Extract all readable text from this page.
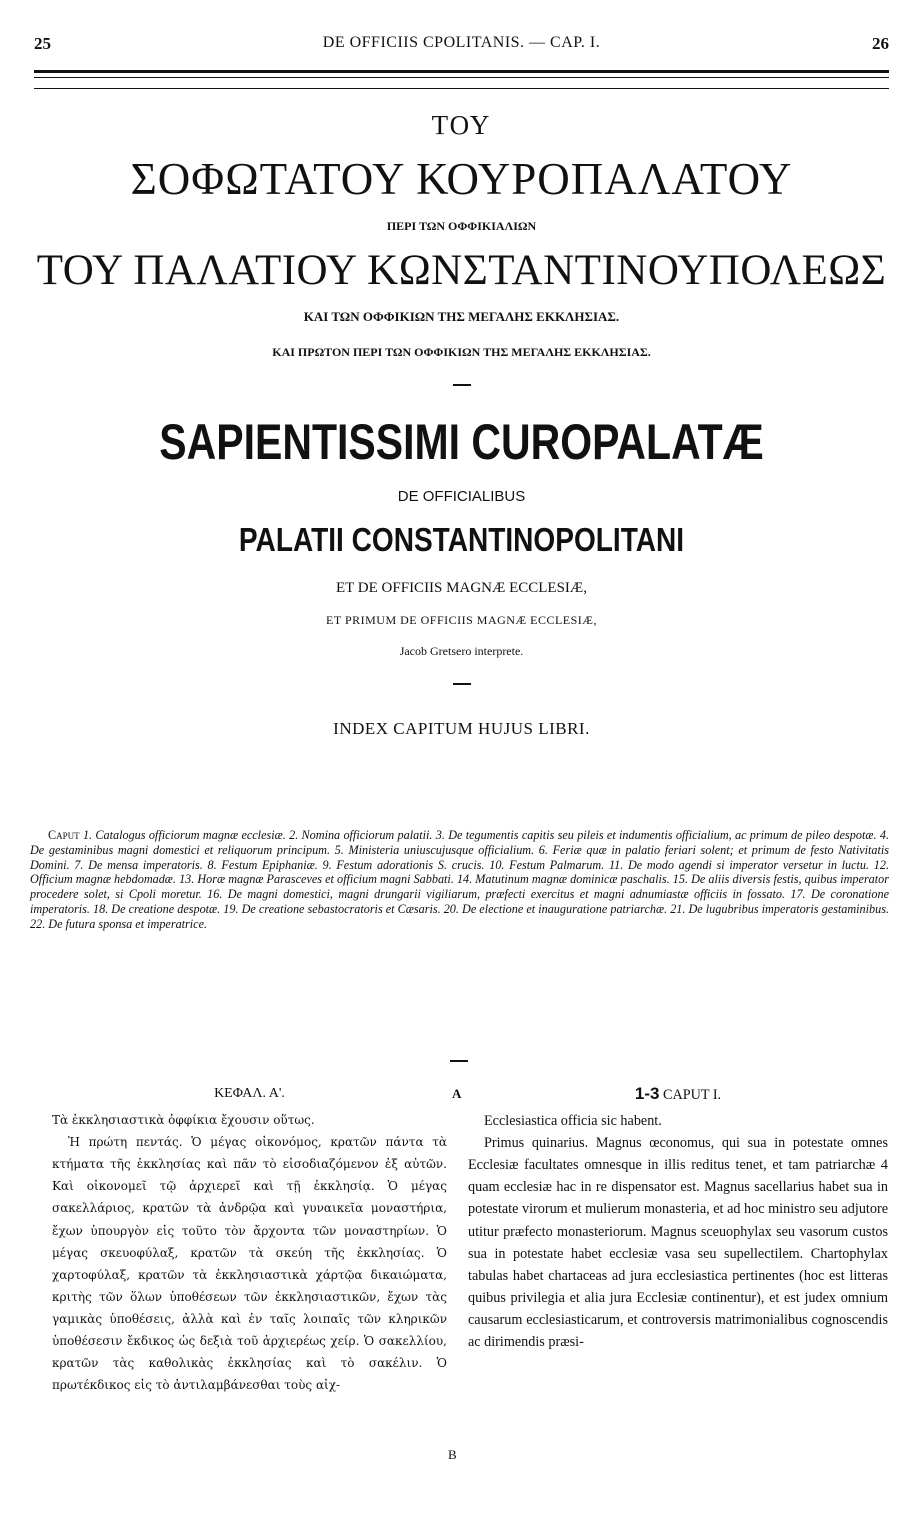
25	DE OFFICIIS CPOLITANIS. — CAP. I.	26
ΤΟΥ
ΣΟΦΩΤΑΤΟΥ ΚΟΥΡΟΠΑΛΑΤΟΥ
ΠΕΡΙ ΤΩΝ ΟΦΦΙΚΙΑΛΙΩΝ
ΤΟΥ ΠΑΛΑΤΙΟΥ ΚΩΝΣΤΑΝΤΙΝΟΥΠΟΛΕΩΣ
ΚΑΙ ΤΩΝ ΟΦΦΙΚΙΩΝ ΤΗΣ ΜΕΓΑΛΗΣ ΕΚΚΛΗΣΙΑΣ.
ΚΑΙ ΠΡΩΤΟΝ ΠΕΡΙ ΤΩΝ ΟΦΦΙΚΙΩΝ ΤΗΣ ΜΕΓΑΛΗΣ ΕΚΚΛΗΣΙΑΣ.
SAPIENTISSIMI CUROPALATÆ
DE OFFICIALIBUS
PALATII CONSTANTINOPOLITANI
ET DE OFFICIIS MAGNÆ ECCLESIÆ,
ET PRIMUM DE OFFICIIS MAGNÆ ECCLESIÆ,
Jacob Gretsero interprete.
INDEX CAPITUM HUJUS LIBRI.
Caput 1. Catalogus officiorum magnæ ecclesiæ. 2. Nomina officiorum palatii. 3. De tegumentis capitis seu pileis et indumentis officialium, ac primum de pileo despotæ. 4. De gestaminibus magni domestici et reliquorum principum. 5. Ministeria uniuscujusque officialium. 6. Feriæ quæ in palatio feriari solent; et primum de festo Nativitatis Domini. 7. De mensa imperatoris. 8. Festum Epiphaniæ. 9. Festum adorationis S. crucis. 10. Festum Palmarum. 11. De modo agendi si imperator versetur in luctu. 12. Officium magnæ hebdomadæ. 13. Horæ magnæ Parasceves et officium magni Sabbati. 14. Matutinum magnæ dominicæ paschalis. 15. De aliis diversis festis, quibus imperator procedere solet, si Cpoli moretur. 16. De magni domestici, magni drungarii vigiliarum, præfecti exercitus et magni adnumiastæ officiis in fossato. 17. De coronatione imperatoris. 18. De creatione despotæ. 19. De creatione sebastocratoris et Cæsaris. 20. De electione et inauguratione patriarchæ. 21. De lugubribus imperatoris gestaminibus. 22. De futura sponsa et imperatrice.
ΚΕΦΑΛ. Α'.

Τὰ ἐκκλησιαστικὰ ὀφφίκια ἔχουσιν οὕτως.

Ἡ πρώτη πεντάς. Ὁ μέγας οἰκονόμος, κρατῶν πάντα τὰ κτήματα τῆς ἐκκλησίας καὶ πᾶν τὸ εἰσοδιαζόμενον ἐξ αὐτῶν. Καὶ οἰκονομεῖ τῷ ἀρχιερεῖ καὶ τῇ ἐκκλησίᾳ. Ὁ μέγας σακελλάριος, κρατῶν τὰ ἀνδρῷα καὶ γυναικεῖα μοναστήρια, ἔχων ὑπουργὸν εἰς τοῦτο τὸν ἄρχοντα τῶν μοναστηρίων. Ὁ μέγας σκευοφύλαξ, κρατῶν τὰ σκεύη τῆς ἐκκλησίας. Ὁ χαρτοφύλαξ, κρατῶν τὰ ἐκκλησιαστικὰ χάρτῷα δικαιώματα, κριτὴς τῶν ὅλων ὑποθέσεων τῶν ἐκκλησιαστικῶν, ἔχων τὰς γαμικὰς ὑποθέσεις, ἀλλὰ καὶ ἐν ταῖς λοιπαῖς τῶν κληρικῶν ὑποθέσεσιν ἔκδικος ὡς δεξιὰ τοῦ ἀρχιερέως χείρ. Ὁ σακελλίου, κρατῶν τὰς καθολικὰς ἐκκλησίας καὶ τὸ σακέλιν. Ὁ πρωτέκδικος εἰς τὸ ἀντιλαμβάνεσθαι τοὺς αἰχ-

A
B
1-3 CAPUT I.

Ecclesiastica officia sic habent.

Primus quinarius. Magnus œconomus, qui sua in potestate omnes Ecclesiæ facultates omnesque in illis reditus tenet, et tam patriarchæ 4 quam ecclesiæ hac in re dispensator est. Magnus sacellarius habet sua in potestate virorum et mulierum monasteria, et ad hoc ministro seu adjutore utitur præfecto monasteriorum. Magnus sceuophylax seu vasorum custos sua in potestate habet ecclesiæ vasa seu supellectilem. Chartophylax tabulas habet chartaceas ad jura ecclesiastica pertinentes (hoc est litteras quibus privilegia et alia jura Ecclesiæ continentur), et est judex omnium causarum ecclesiasticarum, et controversis matrimonialibus cognoscendis ac dirimendis præsi-
